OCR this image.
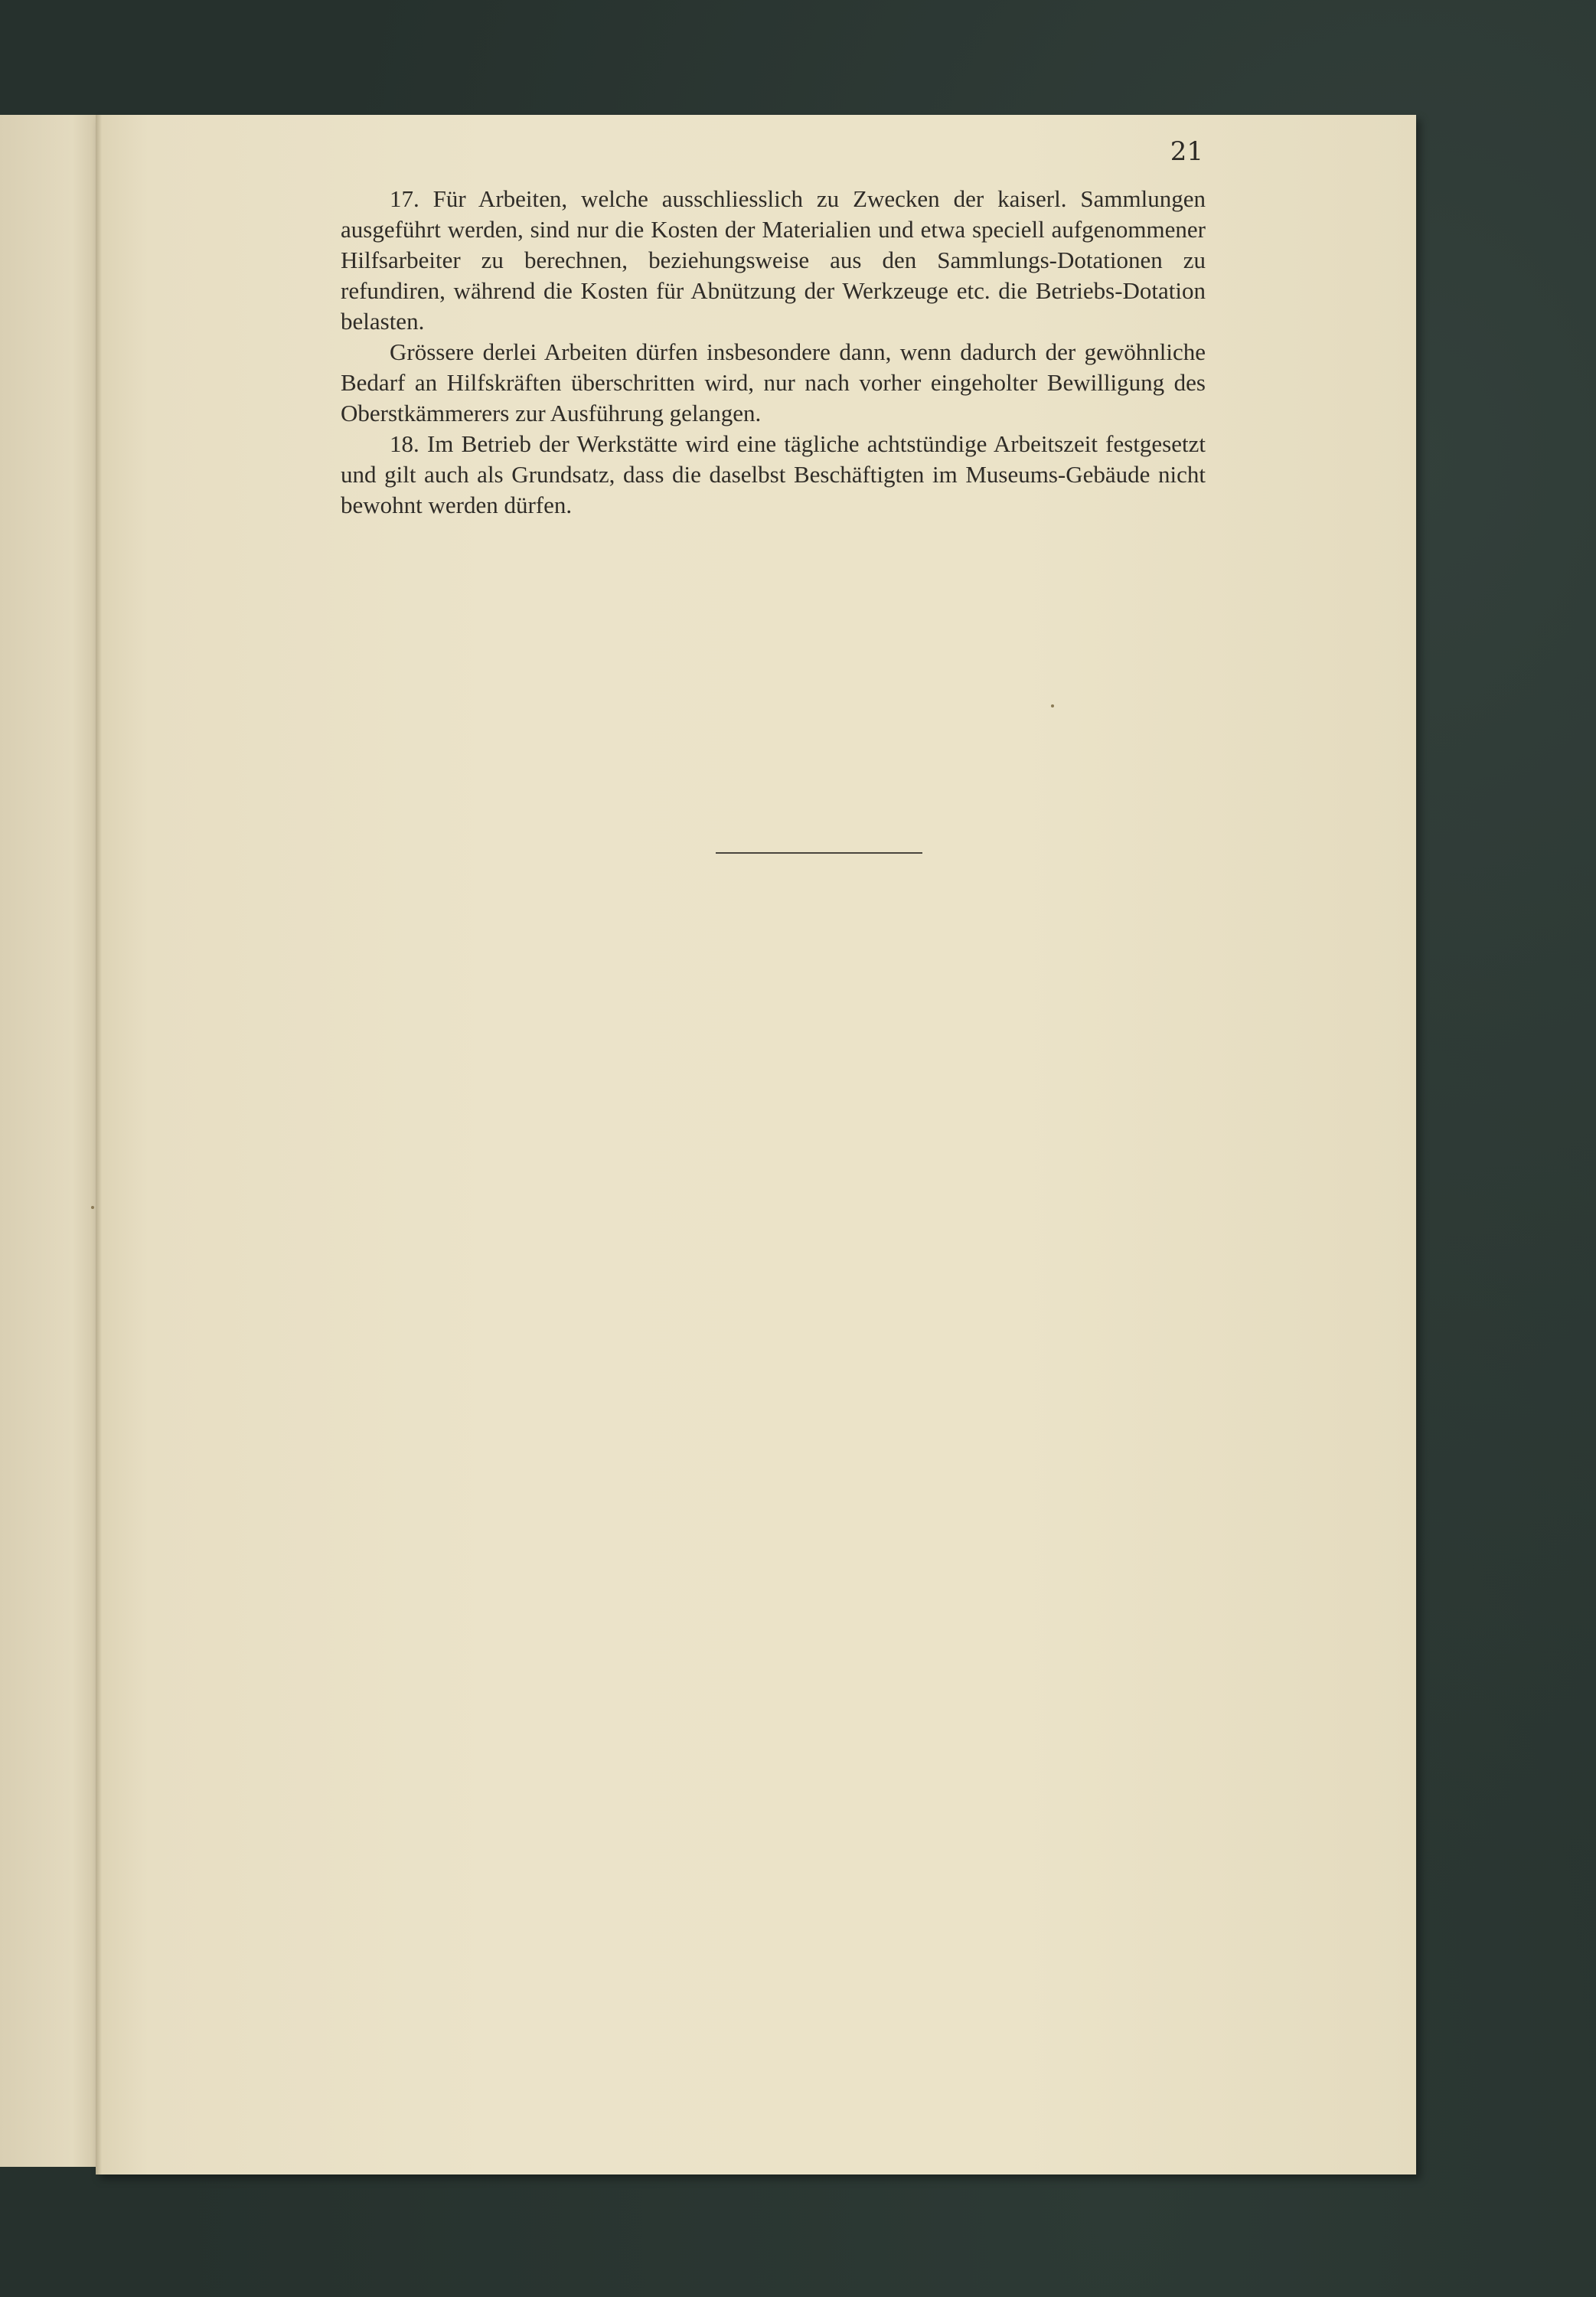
21

17. Für Arbeiten, welche ausschliesslich zu Zwecken der kaiserl. Sammlungen ausgeführt werden, sind nur die Kosten der Materialien und etwa speciell aufgenommener Hilfsarbeiter zu berechnen, beziehungsweise aus den Sammlungs-Dotationen zu refundiren, während die Kosten für Abnützung der Werkzeuge etc. die Betriebs-Dotation belasten.

Grössere derlei Arbeiten dürfen insbesondere dann, wenn dadurch der gewöhnliche Bedarf an Hilfskräften überschritten wird, nur nach vorher eingeholter Bewilligung des Oberstkämmerers zur Ausführung gelangen.

18. Im Betrieb der Werkstätte wird eine tägliche achtstündige Arbeitszeit festgesetzt und gilt auch als Grundsatz, dass die daselbst Beschäftigten im Museums-Gebäude nicht bewohnt werden dürfen.
